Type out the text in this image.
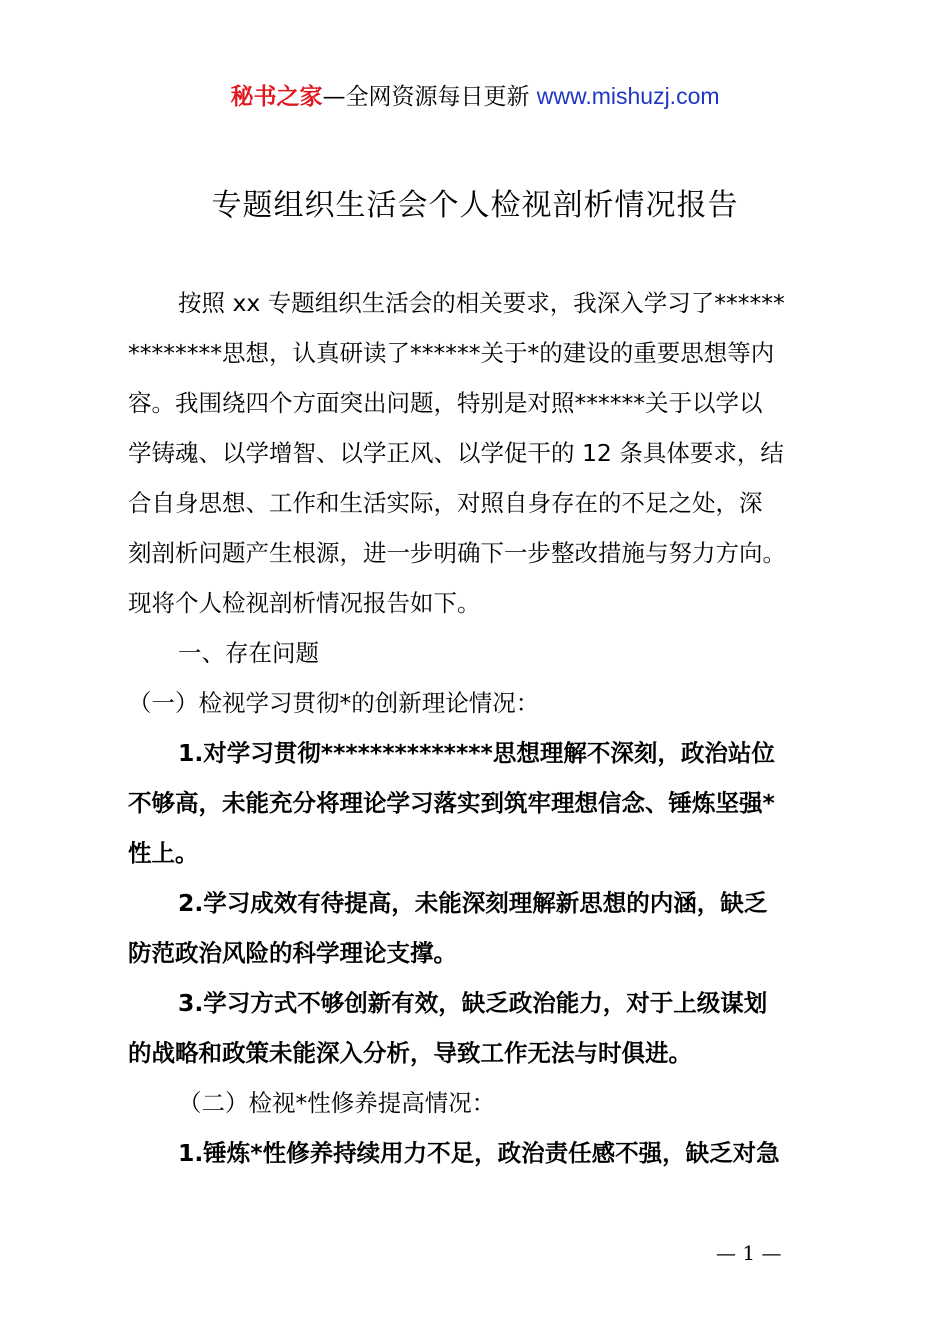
秘书之家—全网资源每日更新 www.mishuzj.com
专题组织生活会个人检视剖析情况报告
按照 xx 专题组织生活会的相关要求，我深入学习了******
********思想，认真研读了******关于*的建设的重要思想等内
容。我围绕四个方面突出问题，特别是对照******关于以学以
学铸魂、以学增智、以学正风、以学促干的 12 条具体要求，结
合自身思想、工作和生活实际，对照自身存在的不足之处，深
刻剖析问题产生根源，进一步明确下一步整改措施与努力方向。
现将个人检视剖析情况报告如下。
一、存在问题
（一）检视学习贯彻*的创新理论情况：
1.对学习贯彻**************思想理解不深刻，政治站位
不够高，未能充分将理论学习落实到筑牢理想信念、锤炼坚强*
性上。
2.学习成效有待提高，未能深刻理解新思想的内涵，缺乏
防范政治风险的科学理论支撑。
3.学习方式不够创新有效，缺乏政治能力，对于上级谋划
的战略和政策未能深入分析，导致工作无法与时俱进。
（二）检视*性修养提高情况：
1.锤炼*性修养持续用力不足，政治责任感不强，缺乏对急
— 1 —
